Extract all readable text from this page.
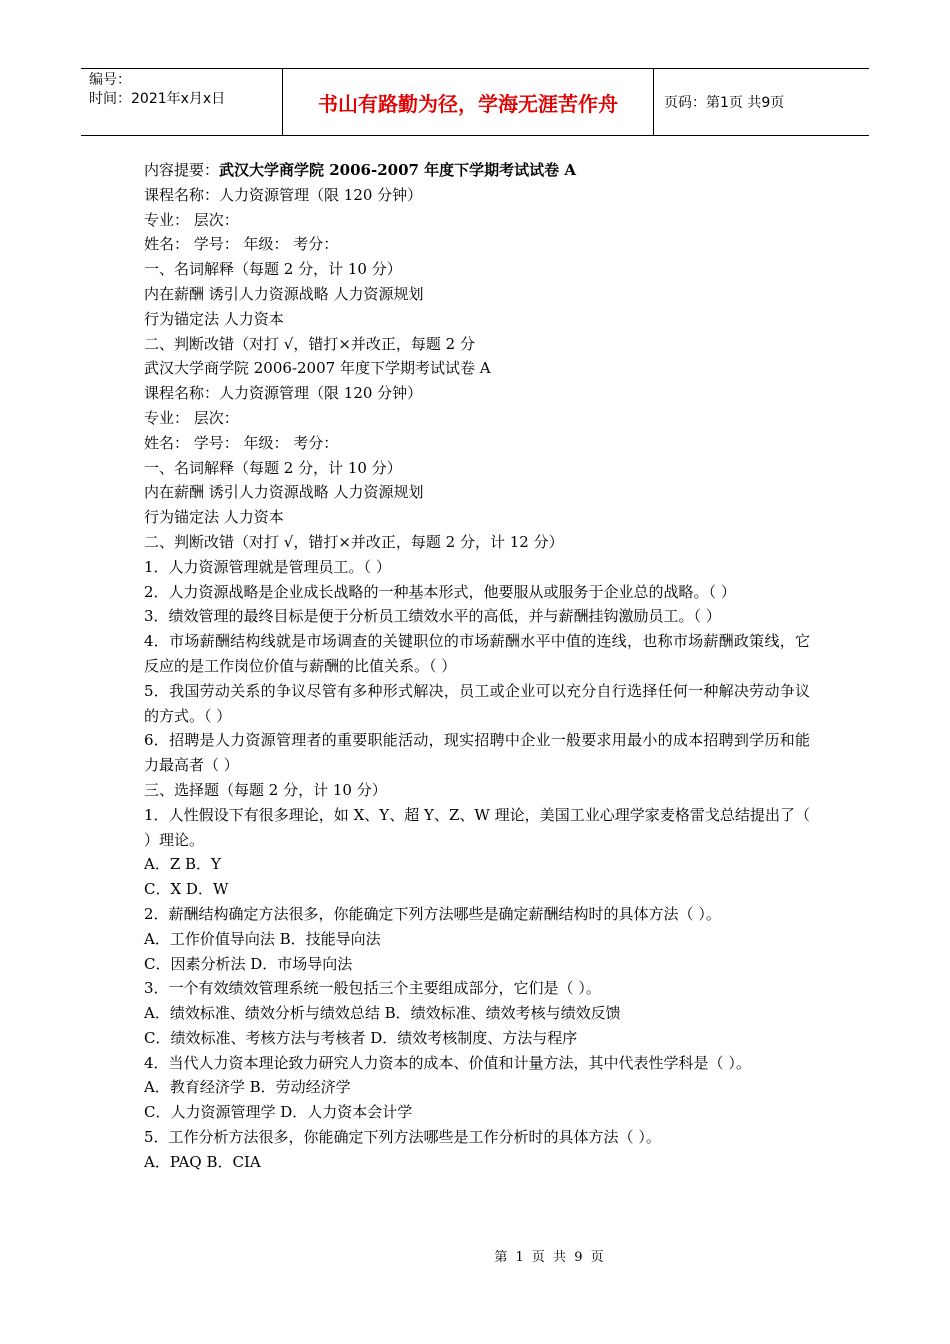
编号：
时间：2021年x月x日	书山有路勤为径，学海无涯苦作舟	页码：第1页 共9页
内容提要：武汉大学商学院 2006-2007 年度下学期考试试卷 A
课程名称：人力资源管理（限 120 分钟）
专业： 层次：
姓名： 学号： 年级： 考分：
一、名词解释（每题 2 分，计 10 分）
内在薪酬 诱引人力资源战略 人力资源规划
行为锚定法 人力资本
二、判断改错（对打 √，错打×并改正，每题 2 分
武汉大学商学院 2006-2007 年度下学期考试试卷 A
课程名称：人力资源管理（限 120 分钟）
专业： 层次：
姓名： 学号： 年级： 考分：
一、名词解释（每题 2 分，计 10 分）
内在薪酬 诱引人力资源战略 人力资源规划
行为锚定法 人力资本
二、判断改错（对打 √，错打×并改正，每题 2 分，计 12 分）
1．人力资源管理就是管理员工。（ ）
2．人力资源战略是企业成长战略的一种基本形式，他要服从或服务于企业总的战略。（ ）
3．绩效管理的最终目标是便于分析员工绩效水平的高低，并与薪酬挂钩激励员工。（ ）
4．市场薪酬结构线就是市场调查的关键职位的市场薪酬水平中值的连线，也称市场薪酬政策线，它反应的是工作岗位价值与薪酬的比值关系。（ ）
5．我国劳动关系的争议尽管有多种形式解决，员工或企业可以充分自行选择任何一种解决劳动争议的方式。（ ）
6．招聘是人力资源管理者的重要职能活动，现实招聘中企业一般要求用最小的成本招聘到学历和能力最高者（ ）
三、选择题（每题 2 分，计 10 分）
1．人性假设下有很多理论，如 X、Y、超 Y、Z、W 理论，美国工业心理学家麦格雷戈总结提出了（ ）理论。
A．Z B．Y
C．X D．W
2．薪酬结构确定方法很多，你能确定下列方法哪些是确定薪酬结构时的具体方法（ ）。
A．工作价值导向法 B．技能导向法
C．因素分析法 D．市场导向法
3．一个有效绩效管理系统一般包括三个主要组成部分，它们是（ ）。
A．绩效标准、绩效分析与绩效总结 B．绩效标准、绩效考核与绩效反馈
C．绩效标准、考核方法与考核者 D．绩效考核制度、方法与程序
4．当代人力资本理论致力研究人力资本的成本、价值和计量方法，其中代表性学科是（ ）。
A．教育经济学 B．劳动经济学
C．人力资源管理学 D．人力资本会计学
5．工作分析方法很多，你能确定下列方法哪些是工作分析时的具体方法（ ）。
A．PAQ B．CIA
第 1 页 共 9 页
